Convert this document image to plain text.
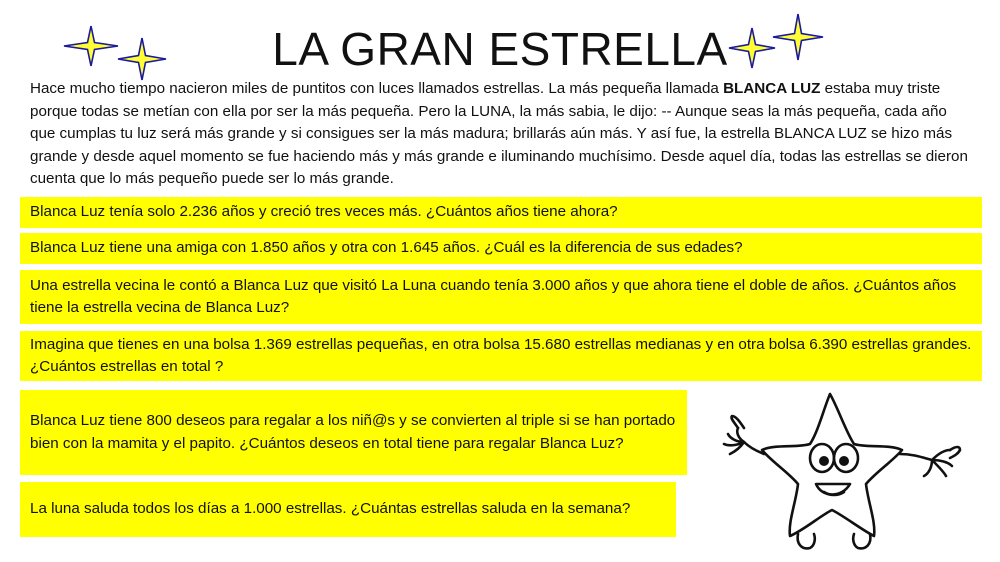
LA GRAN ESTRELLA
Hace mucho tiempo nacieron miles de puntitos con luces llamados estrellas. La más pequeña llamada BLANCA LUZ estaba muy triste porque todas se metían con ella por ser la más pequeña. Pero la LUNA, la más sabia, le dijo: -- Aunque seas la más pequeña, cada año que cumplas tu luz será más grande y si consigues ser la más madura; brillarás aún más. Y así fue, la estrella BLANCA LUZ se hizo más grande y desde aquel momento se fue haciendo más y más grande e iluminando muchísimo. Desde aquel día, todas las estrellas se dieron cuenta que lo más pequeño puede ser lo más grande.
Blanca Luz tenía solo 2.236 años y creció tres veces más. ¿Cuántos años tiene ahora?
Blanca Luz tiene una amiga con 1.850 años y otra con 1.645 años. ¿Cuál es la diferencia de sus edades?
Una estrella vecina le contó a Blanca Luz que visitó La Luna cuando tenía 3.000 años y que ahora tiene el doble de años. ¿Cuántos años tiene la estrella vecina de Blanca Luz?
Imagina que tienes en una bolsa 1.369 estrellas pequeñas, en otra bolsa 15.680 estrellas medianas y en otra bolsa 6.390 estrellas grandes. ¿Cuántos estrellas en total ?
Blanca Luz tiene 800 deseos para regalar a los niñ@s y se convierten al triple si se han portado bien con la mamita y el papito. ¿Cuántos deseos en total tiene para regalar Blanca Luz?
La luna saluda todos los días a 1.000 estrellas. ¿Cuántas estrellas saluda en la semana?
